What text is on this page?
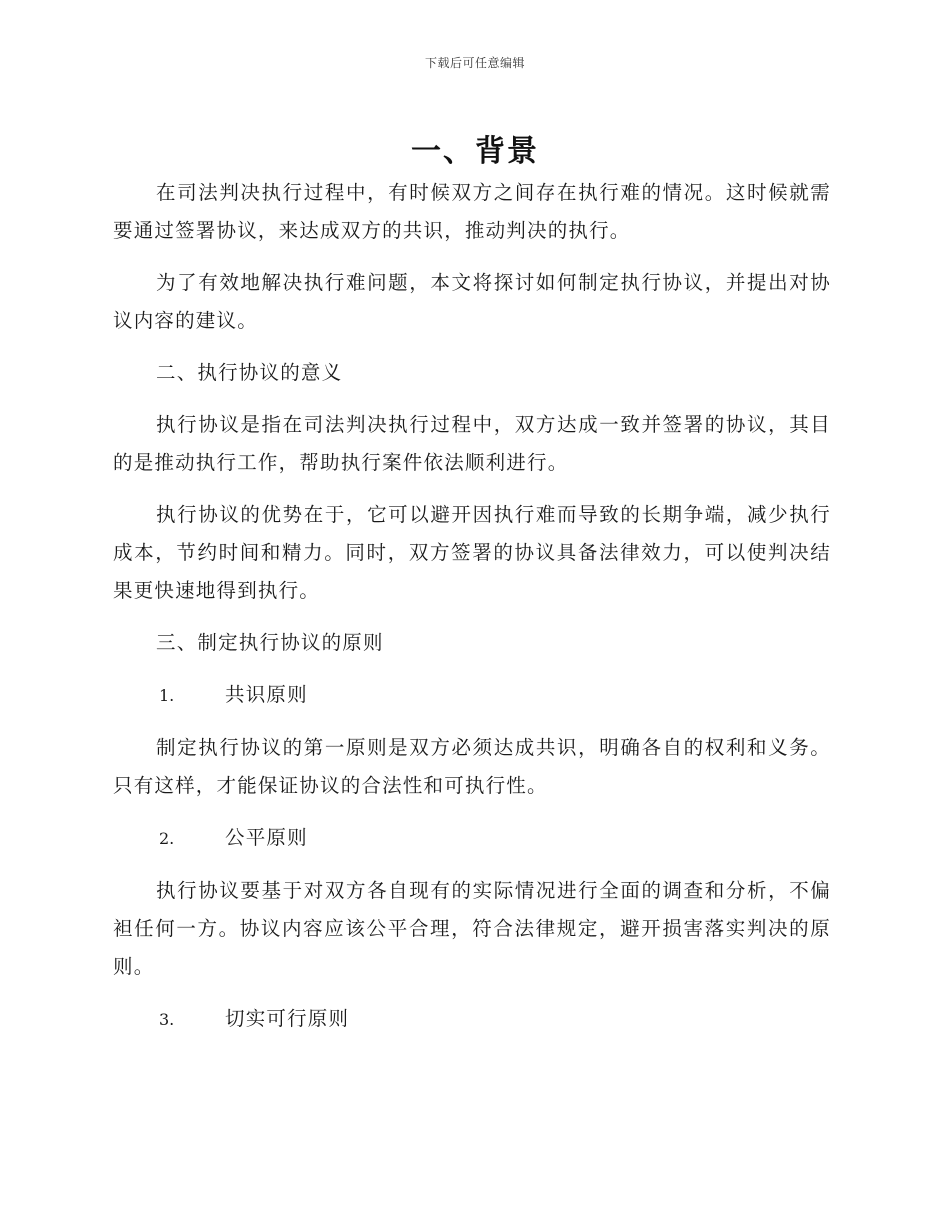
下载后可任意编辑
一、背景

在司法判决执行过程中，有时候双方之间存在执行难的情况。这时候就需要通过签署协议，来达成双方的共识，推动判决的执行。

为了有效地解决执行难问题，本文将探讨如何制定执行协议，并提出对协议内容的建议。

二、执行协议的意义

执行协议是指在司法判决执行过程中，双方达成一致并签署的协议，其目的是推动执行工作，帮助执行案件依法顺利进行。

执行协议的优势在于，它可以避开因执行难而导致的长期争端，减少执行成本，节约时间和精力。同时，双方签署的协议具备法律效力，可以使判决结果更快速地得到执行。

三、制定执行协议的原则

1.	共识原则

制定执行协议的第一原则是双方必须达成共识，明确各自的权利和义务。只有这样，才能保证协议的合法性和可执行性。

2.	公平原则

执行协议要基于对双方各自现有的实际情况进行全面的调查和分析，不偏袒任何一方。协议内容应该公平合理，符合法律规定，避开损害落实判决的原则。

3.	切实可行原则
